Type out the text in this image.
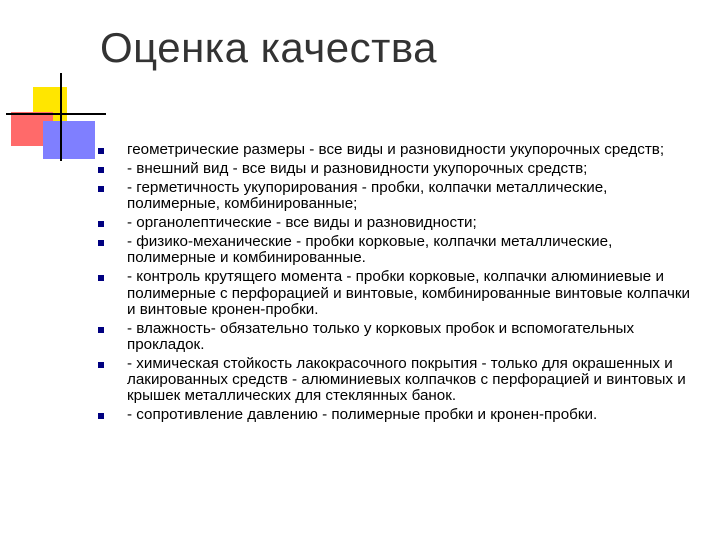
Оценка качества
геометрические размеры - все виды и разновидности укупорочных средств;
- внешний вид - все виды и разновидности укупорочных средств;
- герметичность укупорирования - пробки, колпачки металлические, полимерные, комбинированные;
- органолептические - все виды и разновидности;
- физико-механические - пробки корковые, колпачки металлические, полимерные и комбинированные.
- контроль крутящего момента - пробки корковые, колпачки алюминиевые и полимерные с перфорацией и винтовые, комбинированные винтовые колпачки и винтовые кронен-пробки.
- влажность- обязательно только у корковых пробок и вспомогательных прокладок.
- химическая стойкость лакокрасочного покрытия - только для окрашенных и лакированных средств - алюминиевых колпачков с перфорацией и винтовых и крышек металлических для стеклянных банок.
- сопротивление давлению - полимерные пробки и кронен-пробки.
